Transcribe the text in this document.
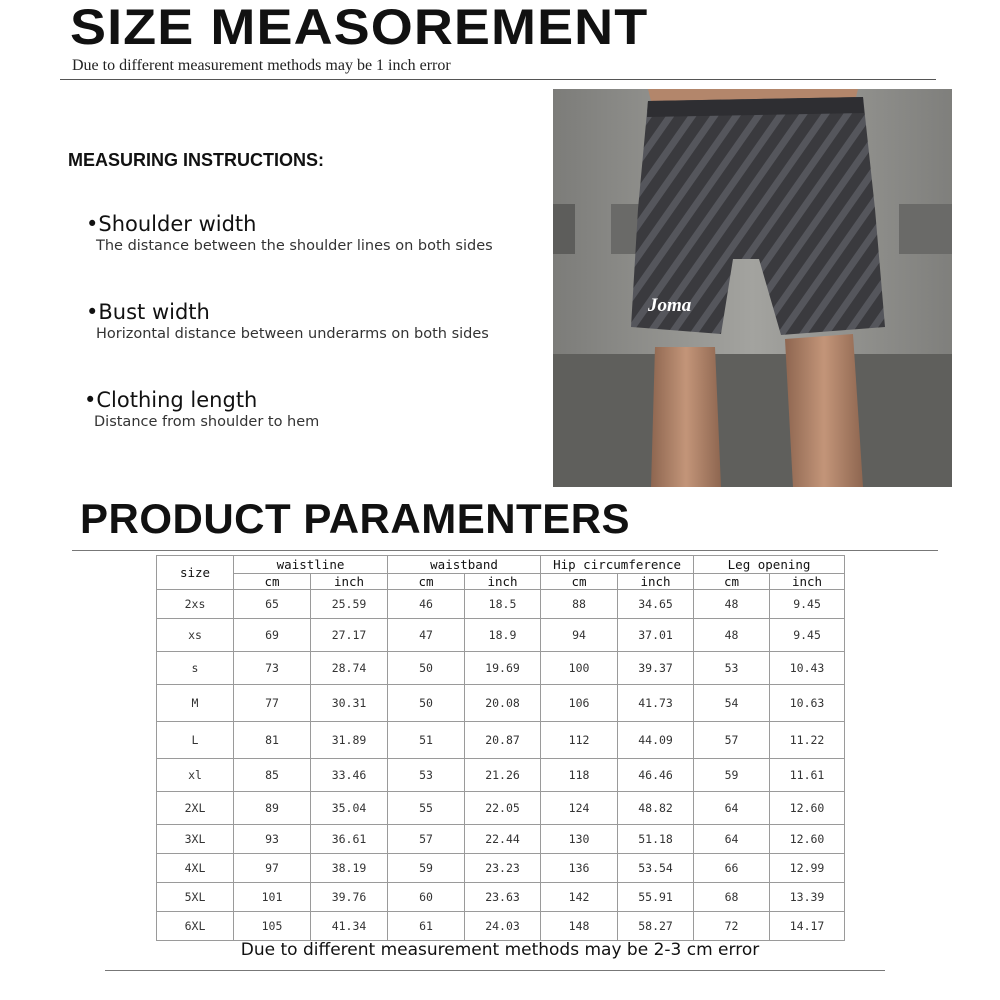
SIZE MEASOREMENT
Due to different measurement methods may be 1 inch error
MEASURING INSTRUCTIONS:
•Shoulder width
The distance between the shoulder lines on both sides
•Bust width
Horizontal distance between underarms on both sides
•Clothing length
Distance from shoulder to hem
Joma
PRODUCT PARAMENTERS
size	waistline		waistband		Hip circumference		Leg opening	
	cm	inch	cm	inch	cm	inch	cm	inch
2xs	65	25.59	46	18.5	88	34.65	48	9.45
xs	69	27.17	47	18.9	94	37.01	48	9.45
s	73	28.74	50	19.69	100	39.37	53	10.43
M	77	30.31	50	20.08	106	41.73	54	10.63
L	81	31.89	51	20.87	112	44.09	57	11.22
xl	85	33.46	53	21.26	118	46.46	59	11.61
2XL	89	35.04	55	22.05	124	48.82	64	12.60
3XL	93	36.61	57	22.44	130	51.18	64	12.60
4XL	97	38.19	59	23.23	136	53.54	66	12.99
5XL	101	39.76	60	23.63	142	55.91	68	13.39
6XL	105	41.34	61	24.03	148	58.27	72	14.17
Due to different measurement methods may be 2-3 cm error
